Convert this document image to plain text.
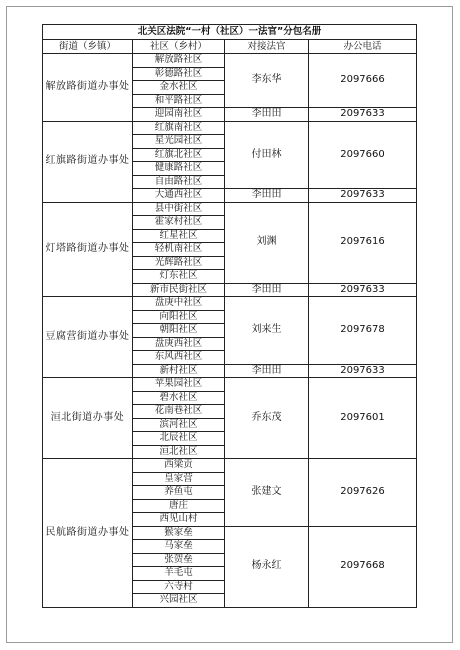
北关区法院“一村（社区）一法官”分包名册			
街道（乡镇）	社区（乡村）	对接法官	办公电话
解放路街道办事处	解放路社区	李东华	2097666
	彰德路社区		
	金水社区		
	和平路社区		
	迎园南社区	李田田	2097633
红旗路街道办事处	红旗南社区	付田林	2097660
	星光园社区		
	红旗北社区		
	健康路社区		
	自由路社区		
	大通西社区	李田田	2097633
灯塔路街道办事处	县中街社区	刘渊	2097616
	霍家村社区		
	红星社区		
	轻机南社区		
	光辉路社区		
	灯东社区		
	新市民街社区	李田田	2097633
豆腐营街道办事处	盘庚中社区	刘来生	2097678
	向阳社区		
	朝阳社区		
	盘庚西社区		
	东风西社区		
	新村社区	李田田	2097633
洹北街道办事处	苹果园社区	乔东茂	2097601
	碧水社区		
	花南巷社区		
	滨河社区		
	北辰社区		
	洹北社区		
民航路街道办事处	西梁贡	张建文	2097626
	皇家营		
	养鱼屯		
	唐庄		
	西见山村		
	猴家垒	杨永红	2097668
	马家垒		
	张贺垒		
	羊毛屯		
	六寺村		
	兴园社区		
